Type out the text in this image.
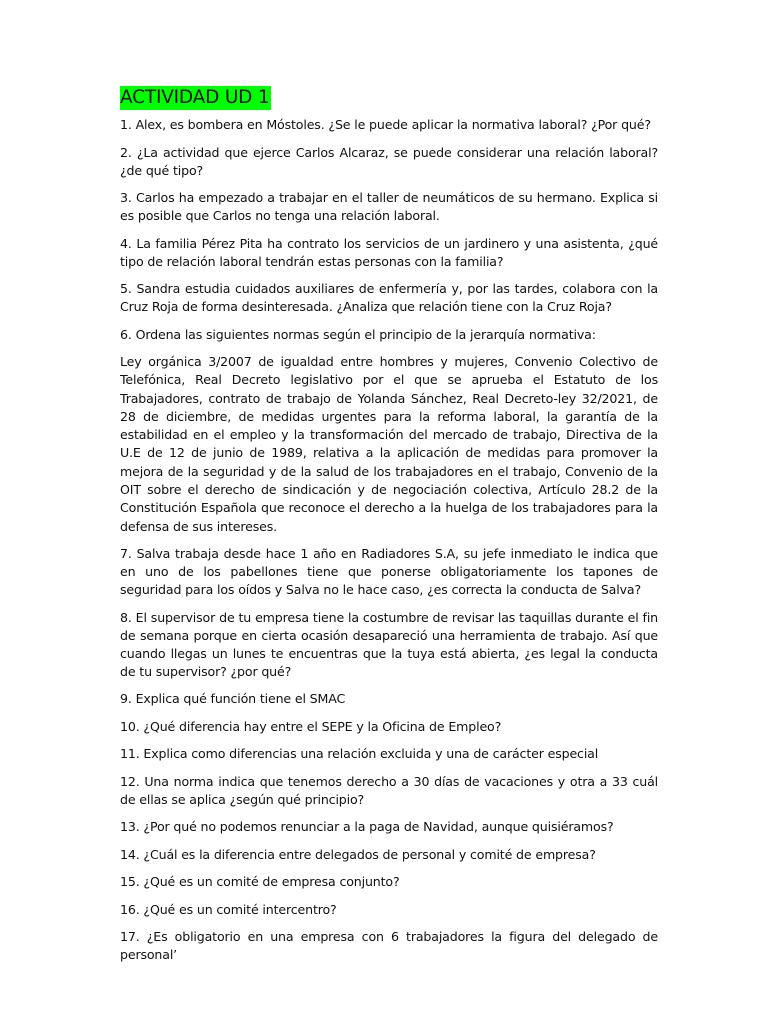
ACTIVIDAD UD 1

1. Alex, es bombera en Móstoles. ¿Se le puede aplicar la normativa laboral? ¿Por qué?

2. ¿La actividad que ejerce Carlos Alcaraz, se puede considerar una relación laboral? ¿de qué tipo?

3. Carlos ha empezado a trabajar en el taller de neumáticos de su hermano. Explica si es posible que Carlos no tenga una relación laboral.

4. La familia Pérez Pita ha contrato los servicios de un jardinero y una asistenta, ¿qué tipo de relación laboral tendrán estas personas con la familia?

5. Sandra estudia cuidados auxiliares de enfermería y, por las tardes, colabora con la Cruz Roja de forma desinteresada. ¿Analiza que relación tiene con la Cruz Roja?

6. Ordena las siguientes normas según el principio de la jerarquía normativa:

Ley orgánica 3/2007 de igualdad entre hombres y mujeres, Convenio Colectivo de Telefónica, Real Decreto legislativo por el que se aprueba el Estatuto de los Trabajadores, contrato de trabajo de Yolanda Sánchez, Real Decreto-ley 32/2021, de 28 de diciembre, de medidas urgentes para la reforma laboral, la garantía de la estabilidad en el empleo y la transformación del mercado de trabajo, Directiva de la U.E de 12 de junio de 1989, relativa a la aplicación de medidas para promover la mejora de la seguridad y de la salud de los trabajadores en el trabajo, Convenio de la OIT sobre el derecho de sindicación y de negociación colectiva, Artículo 28.2 de la Constitución Española que reconoce el derecho a la huelga de los trabajadores para la defensa de sus intereses.

7. Salva trabaja desde hace 1 año en Radiadores S.A, su jefe inmediato le indica que en uno de los pabellones tiene que ponerse obligatoriamente los tapones de seguridad para los oídos y Salva no le hace caso, ¿es correcta la conducta de Salva?

8. El supervisor de tu empresa tiene la costumbre de revisar las taquillas durante el fin de semana porque en cierta ocasión desapareció una herramienta de trabajo. Así que cuando llegas un lunes te encuentras que la tuya está abierta, ¿es legal la conducta de tu supervisor? ¿por qué?

9. Explica qué función tiene el SMAC

10. ¿Qué diferencia hay entre el SEPE y la Oficina de Empleo?

11. Explica como diferencias una relación excluida y una de carácter especial

12. Una norma indica que tenemos derecho a 30 días de vacaciones y otra a 33 cuál de ellas se aplica ¿según qué principio?

13. ¿Por qué no podemos renunciar a la paga de Navidad, aunque quisiéramos?

14. ¿Cuál es la diferencia entre delegados de personal y comité de empresa?

15. ¿Qué es un comité de empresa conjunto?

16. ¿Qué es un comité intercentro?

17. ¿Es obligatorio en una empresa con 6 trabajadores la figura del delegado de personal’
